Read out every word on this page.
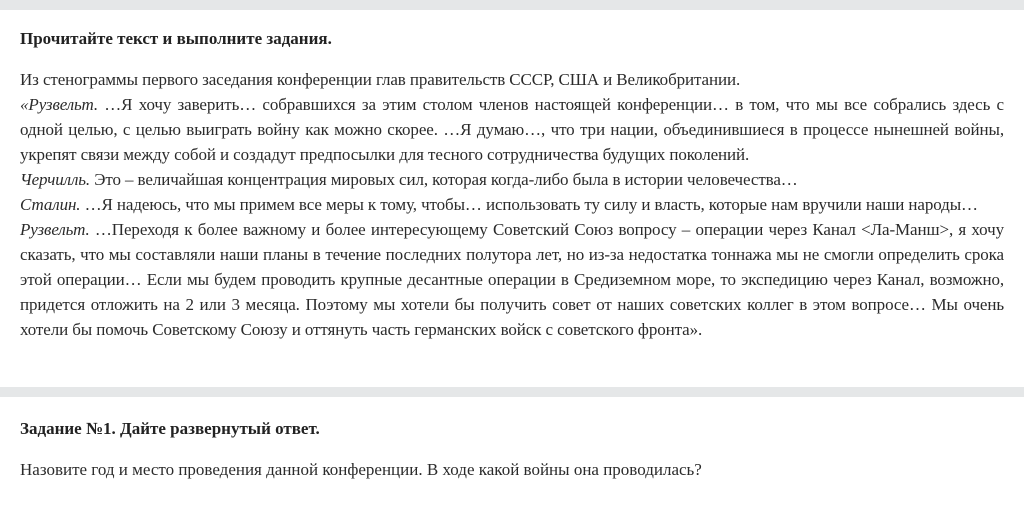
Прочитайте текст и выполните задания.

Из стенограммы первого заседания конференции глав правительств СССР, США и Великобритании.

«Рузвельт. …Я хочу заверить… собравшихся за этим столом членов настоящей конференции… в том, что мы все собрались здесь с одной целью, с целью выиграть войну как можно скорее. …Я думаю…, что три нации, объединившиеся в процессе нынешней войны, укрепят связи между собой и создадут предпосылки для тесного сотрудничества будущих поколений.

Черчилль. Это – величайшая концентрация мировых сил, которая когда-либо была в истории человечества…

Сталин. …Я надеюсь, что мы примем все меры к тому, чтобы… использовать ту силу и власть, которые нам вручили наши народы…

Рузвельт. …Переходя к более важному и более интересующему Советский Союз вопросу – операции через Канал <Ла-Манш>, я хочу сказать, что мы составляли наши планы в течение последних полутора лет, но из-за недостатка тоннажа мы не смогли определить срока этой операции… Если мы будем проводить крупные десантные операции в Средиземном море, то экспедицию через Канал, возможно, придется отложить на 2 или 3 месяца. Поэтому мы хотели бы получить совет от наших советских коллег в этом вопросе… Мы очень хотели бы помочь Советскому Союзу и оттянуть часть германских войск с советского фронта».

Задание №1. Дайте развернутый ответ.

Назовите год и место проведения данной конференции. В ходе какой войны она проводилась?
